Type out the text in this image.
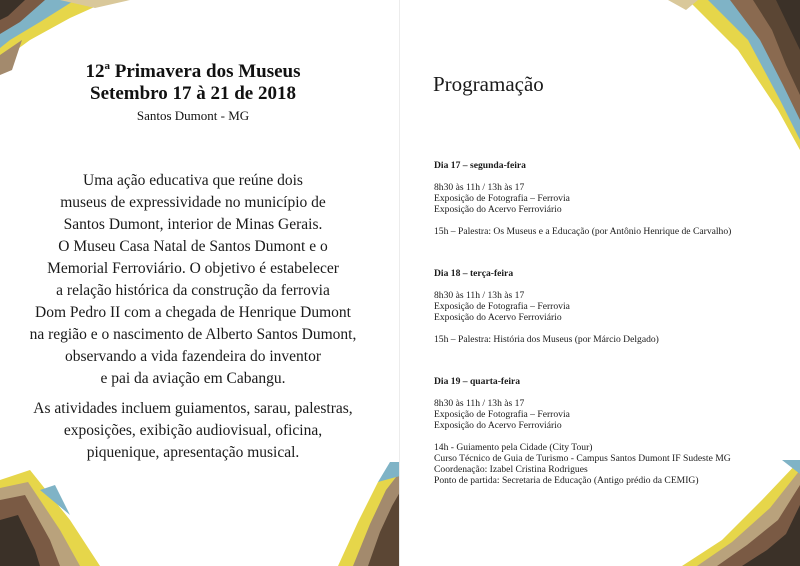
12$^a$ Primavera dos Museus
Setembro 17 à 21 de 2018
Santos Dumont - MG
Uma ação educativa que reúne dois
museus de expressividade no município de
Santos Dumont, interior de Minas Gerais.
O Museu Casa Natal de Santos Dumont e o
Memorial Ferroviário. O objetivo é estabelecer
a relação histórica da construção da ferrovia
Dom Pedro II com a chegada de Henrique Dumont
na região e o nascimento de Alberto Santos Dumont,
observando a vida fazendeira do inventor
e pai da aviação em Cabangu.
As atividades incluem guiamentos, sarau, palestras,
exposições, exibição audiovisual, oficina,
piquenique, apresentação musical.
Programação
Dia 17 – segunda-feira
8h30 às 11h / 13h às 17
Exposição de Fotografia – Ferrovia
Exposição do Acervo Ferroviário
15h – Palestra: Os Museus e a Educação (por Antônio Henrique de Carvalho)
Dia 18 – terça-feira
8h30 às 11h / 13h às 17
Exposição de Fotografia – Ferrovia
Exposição do Acervo Ferroviário
15h – Palestra: História dos Museus (por Márcio Delgado)
Dia 19 – quarta-feira
8h30 às 11h / 13h às 17
Exposição de Fotografia – Ferrovia
Exposição do Acervo Ferroviário
14h - Guiamento pela Cidade (City Tour)
Curso Técnico de Guia de Turismo - Campus Santos Dumont IF Sudeste MG
Coordenação: Izabel Cristina Rodrigues
Ponto de partida: Secretaria de Educação (Antigo prédio da CEMIG)
